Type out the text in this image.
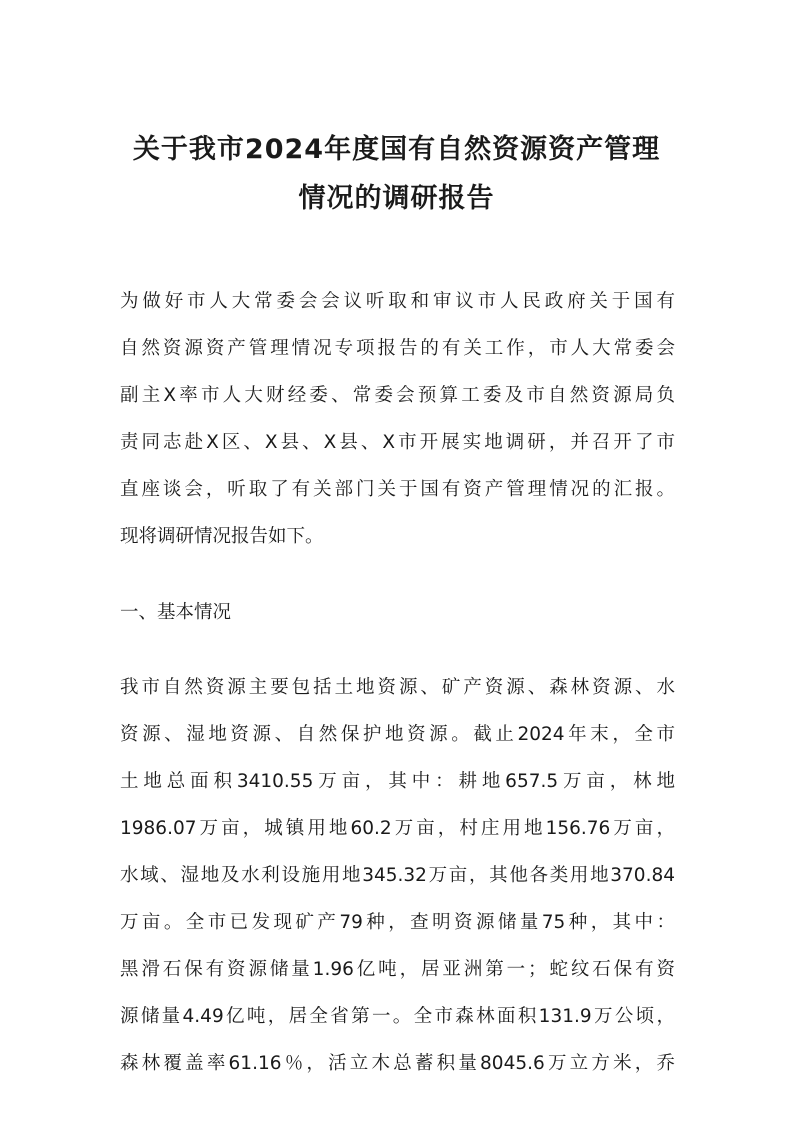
关于我市2024年度国有自然资源资产管理
情况的调研报告
为做好市人大常委会会议听取和审议市人民政府关于国有
自然资源资产管理情况专项报告的有关工作，市人大常委会
副主X率市人大财经委、常委会预算工委及市自然资源局负
责同志赴X区、X县、X县、X市开展实地调研，并召开了市
直座谈会，听取了有关部门关于国有资产管理情况的汇报。
现将调研情况报告如下。
一、基本情况
我市自然资源主要包括土地资源、矿产资源、森林资源、水
资源、湿地资源、自然保护地资源。截止2024年末，全市
土地总面积3410.55万亩，其中：耕地657.5万亩，林地
1986.07万亩，城镇用地60.2万亩，村庄用地156.76万亩，
水域、湿地及水利设施用地345.32万亩，其他各类用地370.84
万亩。全市已发现矿产79种，查明资源储量75种，其中：
黑滑石保有资源储量1.96亿吨，居亚洲第一；蛇纹石保有资
源储量4.49亿吨，居全省第一。全市森林面积131.9万公顷，
森林覆盖率61.16％，活立木总蓄积量8045.6万立方米，乔
